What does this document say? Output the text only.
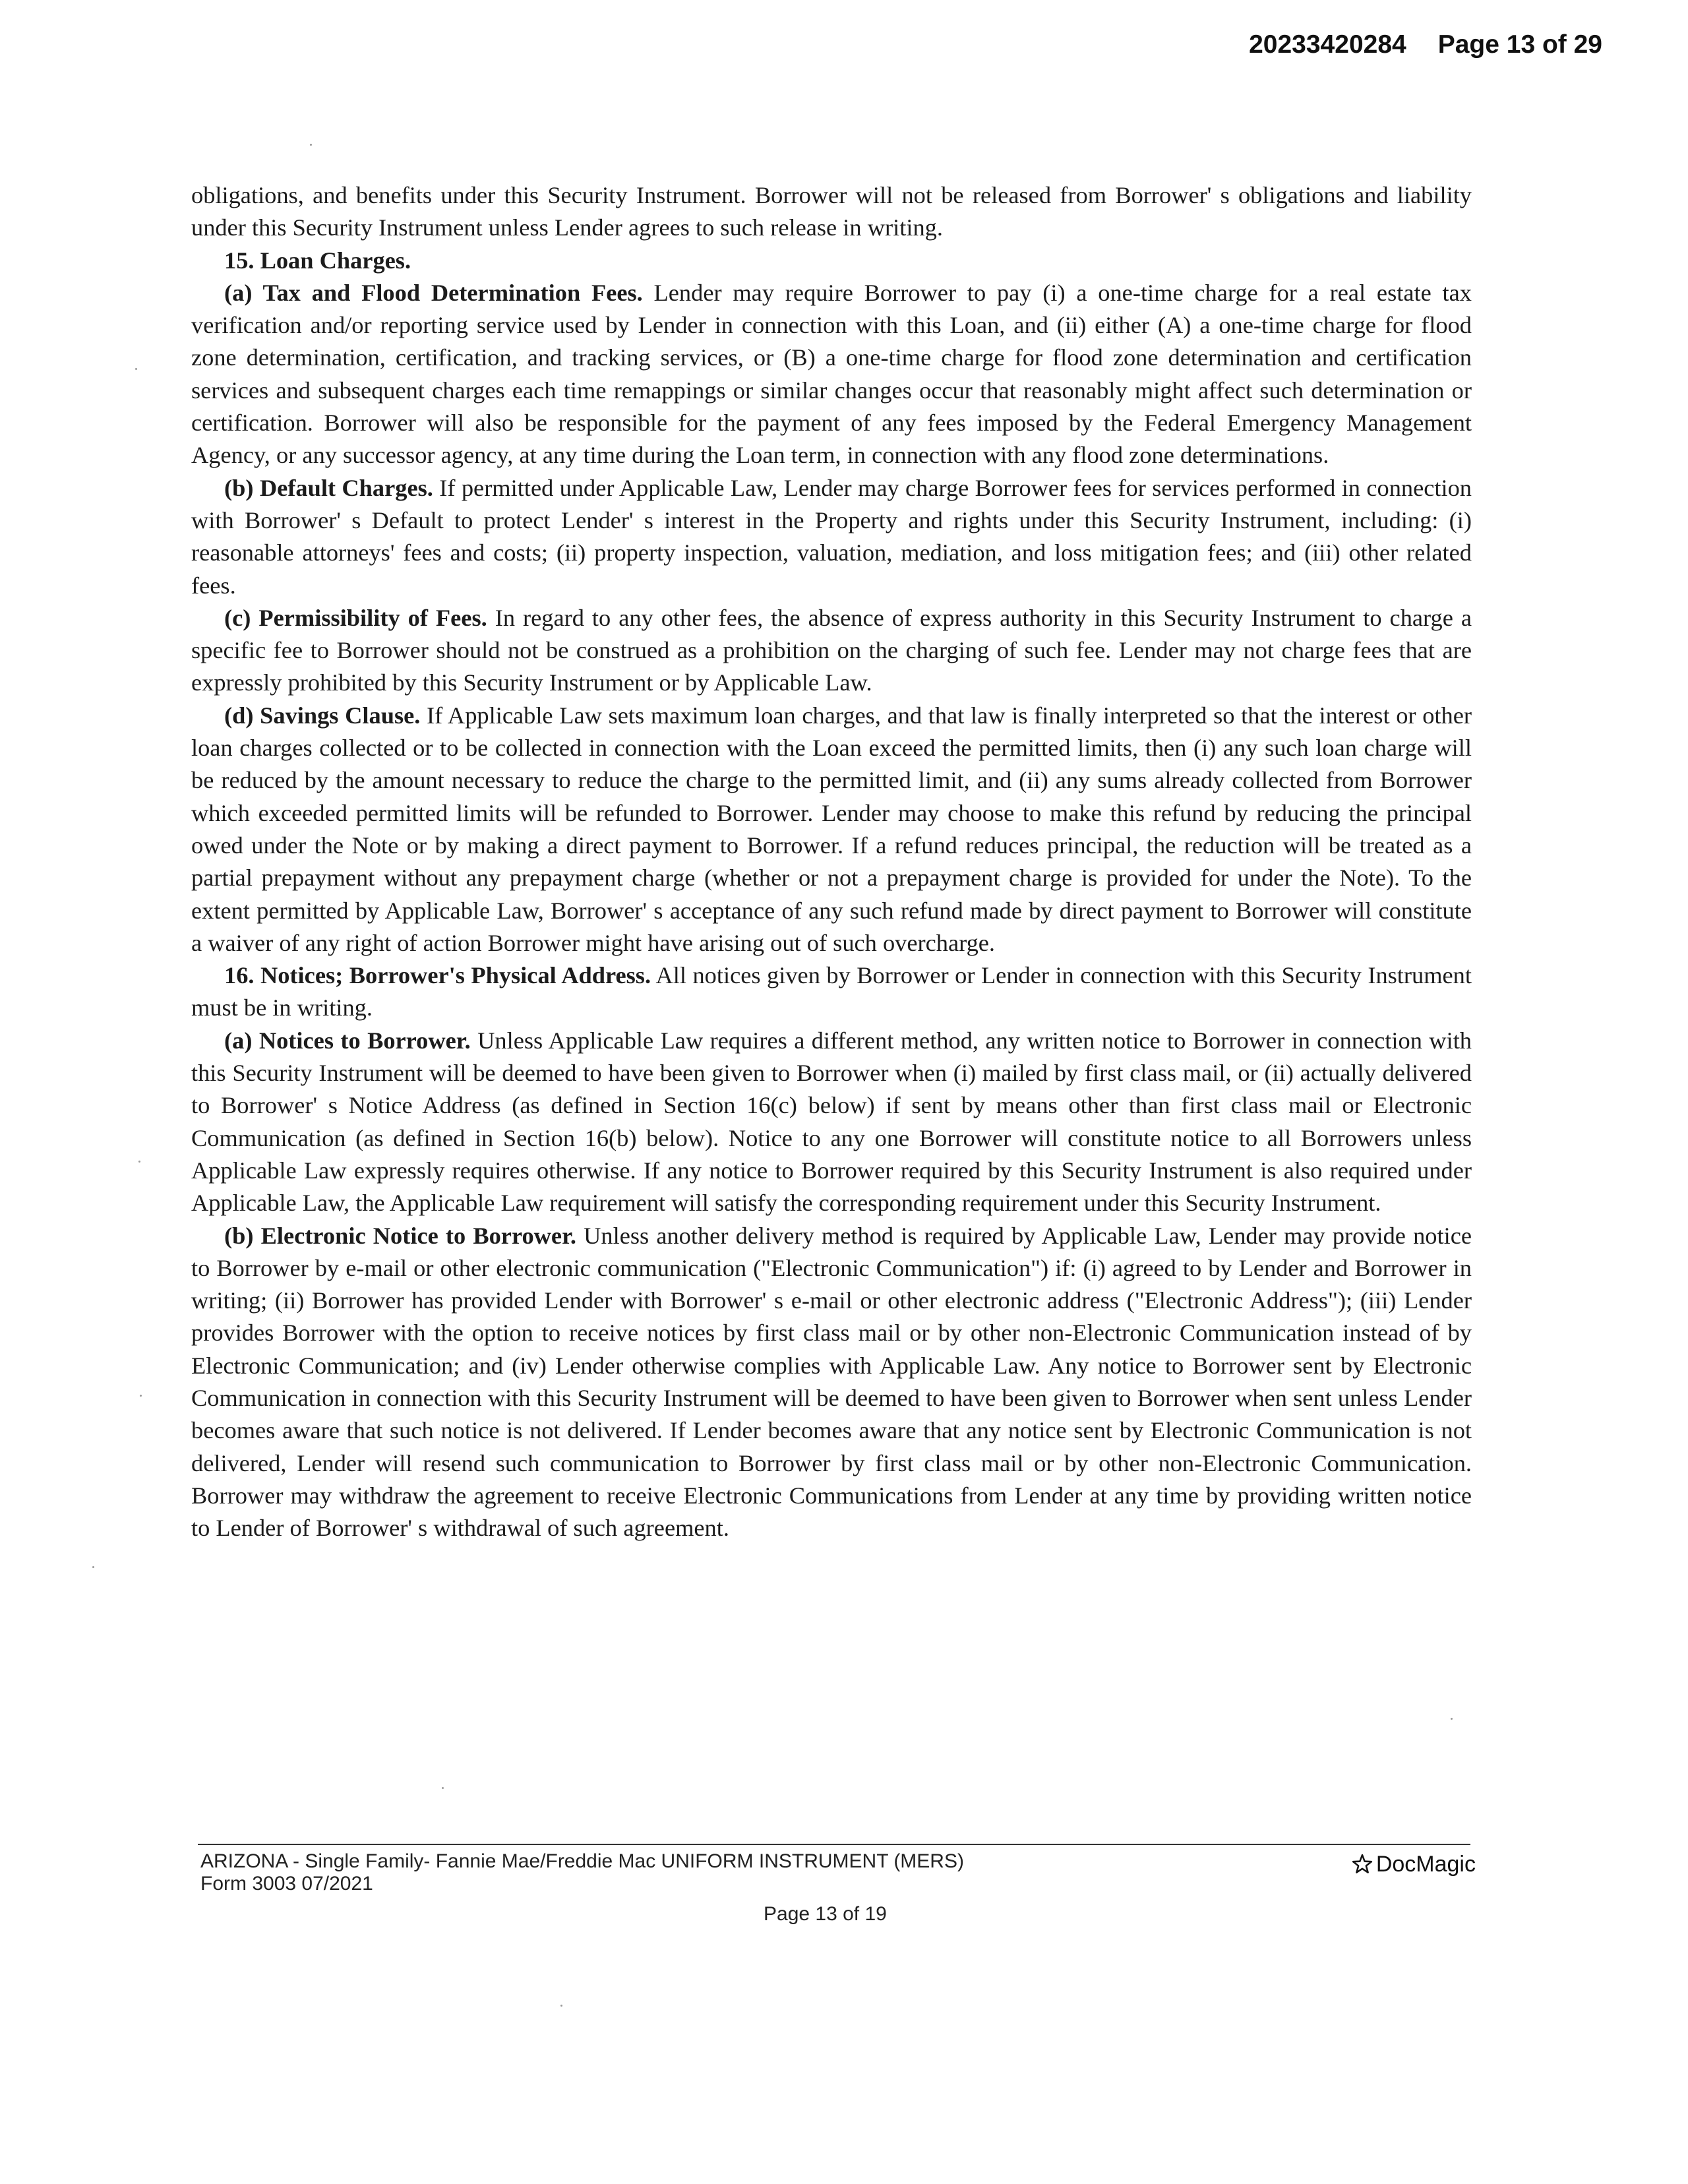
20233420284 Page 13 of 29

obligations, and benefits under this Security Instrument. Borrower will not be released from Borrower' s obligations and liability under this Security Instrument unless Lender agrees to such release in writing.

15. Loan Charges.

(a) Tax and Flood Determination Fees. Lender may require Borrower to pay (i) a one-time charge for a real estate tax verification and/or reporting service used by Lender in connection with this Loan, and (ii) either (A) a one-time charge for flood zone determination, certification, and tracking services, or (B) a one-time charge for flood zone determination and certification services and subsequent charges each time remappings or similar changes occur that reasonably might affect such determination or certification. Borrower will also be responsible for the payment of any fees imposed by the Federal Emergency Management Agency, or any successor agency, at any time during the Loan term, in connection with any flood zone determinations.

(b) Default Charges. If permitted under Applicable Law, Lender may charge Borrower fees for services performed in connection with Borrower' s Default to protect Lender' s interest in the Property and rights under this Security Instrument, including: (i) reasonable attorneys' fees and costs; (ii) property inspection, valuation, mediation, and loss mitigation fees; and (iii) other related fees.

(c) Permissibility of Fees. In regard to any other fees, the absence of express authority in this Security Instrument to charge a specific fee to Borrower should not be construed as a prohibition on the charging of such fee. Lender may not charge fees that are expressly prohibited by this Security Instrument or by Applicable Law.

(d) Savings Clause. If Applicable Law sets maximum loan charges, and that law is finally interpreted so that the interest or other loan charges collected or to be collected in connection with the Loan exceed the permitted limits, then (i) any such loan charge will be reduced by the amount necessary to reduce the charge to the permitted limit, and (ii) any sums already collected from Borrower which exceeded permitted limits will be refunded to Borrower. Lender may choose to make this refund by reducing the principal owed under the Note or by making a direct payment to Borrower. If a refund reduces principal, the reduction will be treated as a partial prepayment without any prepayment charge (whether or not a prepayment charge is provided for under the Note). To the extent permitted by Applicable Law, Borrower' s acceptance of any such refund made by direct payment to Borrower will constitute a waiver of any right of action Borrower might have arising out of such overcharge.

16. Notices; Borrower's Physical Address. All notices given by Borrower or Lender in connection with this Security Instrument must be in writing.

(a) Notices to Borrower. Unless Applicable Law requires a different method, any written notice to Borrower in connection with this Security Instrument will be deemed to have been given to Borrower when (i) mailed by first class mail, or (ii) actually delivered to Borrower' s Notice Address (as defined in Section 16(c) below) if sent by means other than first class mail or Electronic Communication (as defined in Section 16(b) below). Notice to any one Borrower will constitute notice to all Borrowers unless Applicable Law expressly requires otherwise. If any notice to Borrower required by this Security Instrument is also required under Applicable Law, the Applicable Law requirement will satisfy the corresponding requirement under this Security Instrument.

(b) Electronic Notice to Borrower. Unless another delivery method is required by Applicable Law, Lender may provide notice to Borrower by e-mail or other electronic communication ("Electronic Communication") if: (i) agreed to by Lender and Borrower in writing; (ii) Borrower has provided Lender with Borrower' s e-mail or other electronic address ("Electronic Address"); (iii) Lender provides Borrower with the option to receive notices by first class mail or by other non-Electronic Communication instead of by Electronic Communication; and (iv) Lender otherwise complies with Applicable Law. Any notice to Borrower sent by Electronic Communication in connection with this Security Instrument will be deemed to have been given to Borrower when sent unless Lender becomes aware that such notice is not delivered. If Lender becomes aware that any notice sent by Electronic Communication is not delivered, Lender will resend such communication to Borrower by first class mail or by other non-Electronic Communication. Borrower may withdraw the agreement to receive Electronic Communications from Lender at any time by providing written notice to Lender of Borrower' s withdrawal of such agreement.

ARIZONA - Single Family- Fannie Mae/Freddie Mac UNIFORM INSTRUMENT (MERS)
Form 3003 07/2021
Page 13 of 19
DocMagic
